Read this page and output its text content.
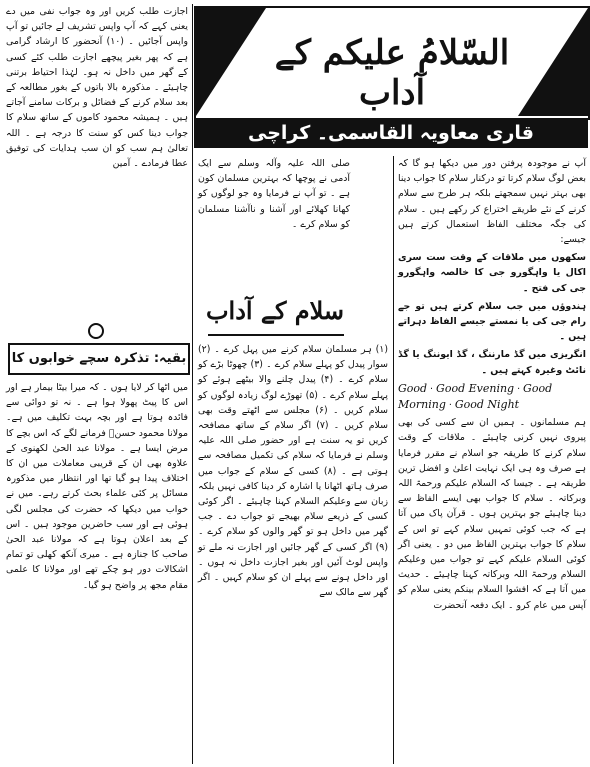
اجازت طلب کریں اور وہ جواب نفی میں دے یعنی کہے کہ آپ واپس تشریف لے جائیں تو آپ واپس آجائیں ۔ (۱۰) آنحضور کا ارشاد گرامی ہے کہ پھر بغیر پیچھے اجازت طلب کئے کسی کے گھر میں داخل نہ ہو۔ لہٰذا احتیاط برتنی چاہیئے ۔ مذکورہ بالا باتوں کے بغور مطالعہ کے بعد سلام کرنے کے فضائل و برکات سامنے آجاتے ہیں ۔ ہمیشہ محمود کاموں کے ساتھ سلام کا جواب دینا کس کو سنت کا درجہ ہے ۔ اللہ تعالیٰ ہم سب کو ان سب ہدایات کی توفیق عطا فرمادے ۔ آمین

بقیہ: تذکرہ سچے خوابوں کا

میں اٹھا کر لایا ہوں ۔ کہ میرا بیٹا بیمار ہے اور اس کا پیٹ پھولا ہوا ہے ۔ نہ تو دوائی سے فائدہ ہوتا ہے اور بچہ بہت تکلیف میں ہے۔ مولانا محمود حسنؒ فرمانے لگے کہ اس بچے کا مرض ایسا ہے ۔ مولانا عبد الحیٰ لکھنوی کے علاوہ بھی ان کے قریبی معاملات میں ان کا اختلاف پیدا ہو گیا تھا اور انتظار میں مذکورہ مسائل پر کئی علماء بحث کرتے رہے۔ میں نے خواب میں دیکھا کہ حضرت کی مجلس لگی ہوئی ہے اور سب حاضرین موجود ہیں ۔ اس کے بعد اعلان ہوتا ہے کہ مولانا عبد الحیٰ صاحب کا جنازہ ہے ۔ میری آنکھ کھلی تو تمام اشکالات دور ہو چکے تھے اور مولانا کا علمی مقام مجھ پر واضح ہو گیا۔

السّلامُ علیکم کے آداب
قاری معاویہ القاسمی۔ کراچی

صلی اللہ علیہ وآلہ وسلم سے ایک آدمی نے پوچھا کہ بہترین مسلمان کون ہے ۔ تو آپ نے فرمایا وہ جو لوگوں کو کھانا کھلائے اور آشنا و ناآشنا مسلمان کو سلام کرے ۔

سلام کے آداب

(۱) ہر مسلمان سلام کرنے میں پہل کرے ۔ (۲) سوار پیدل کو پہلے سلام کرے ۔ (۳) چھوٹا بڑے کو سلام کرے ۔ (۴) پیدل چلنے والا بیٹھے ہوئے کو پہلے سلام کرے ۔ (۵) تھوڑے لوگ زیادہ لوگوں کو سلام کریں ۔ (۶) مجلس سے اٹھتے وقت بھی سلام کریں ۔ (۷) اگر سلام کے ساتھ مصافحہ کریں تو یہ سنت ہے اور حضور صلی اللہ علیہ وسلم نے فرمایا کہ سلام کی تکمیل مصافحہ سے ہوتی ہے ۔ (۸) کسی کے سلام کے جواب میں صرف ہاتھ اٹھانا یا اشارہ کر دینا کافی نہیں بلکہ زبان سے وعلیکم السلام کہنا چاہیئے ۔ اگر کوئی کسی کے ذریعے سلام بھیجے تو جواب دے ۔ جب گھر میں داخل ہو تو گھر والوں کو سلام کرے ۔ (۹) اگر کسی کے گھر جائیں اور اجازت نہ ملے تو واپس لوٹ آئیں اور بغیر اجازت داخل نہ ہوں ۔ اور داخل ہونے سے پہلے ان کو سلام کہیں ۔ اگر گھر سے مالک سے

آپ نے موجودہ پرفتن دور میں دیکھا ہو گا کہ بعض لوگ سلام کرتا تو درکنار سلام کا جواب دینا بھی بہتر نہیں سمجھتے بلکہ ہر طرح سے سلام کرنے کے نئے طریقے اختراع کر رکھے ہیں ۔ سلام کی جگہ مختلف الفاظ استعمال کرتے ہیں جیسے:

سکھوں میں ملاقات کے وقت ست سری اکال یا واہگورو جی کا خالصہ واہگورو جی کی فتح ۔

ہندوؤں میں جب سلام کرتے ہیں تو جے رام جی کی یا نمستے جیسے الفاظ دہراتے ہیں ۔

انگریزی میں گڈ مارننگ ، گڈ ایوننگ یا گڈ نائٹ وغیرہ کہتے ہیں ۔

Good · Good Evening · Good Morning · Good Night

ہم مسلمانوں ۔ ہمیں ان سے کسی کی بھی پیروی نہیں کرنی چاہیئے ۔ ملاقات کے وقت سلام کرنے کا طریقہ جو اسلام نے مقرر فرمایا ہے صرف وہ ہی ایک نہایت اعلیٰ و افضل ترین طریقہ ہے ۔ جیسا کہ السلام علیکم ورحمۃ اللہ وبرکاتہ ۔ سلام کا جواب بھی ایسے الفاظ سے دینا چاہیئے جو بہترین ہوں ۔ قرآن پاک میں آتا ہے کہ جب کوئی تمہیں سلام کہے تو اس کے سلام کا جواب بہترین الفاظ میں دو ۔ یعنی اگر کوئی السلام علیکم کہے تو جواب میں وعلیکم السلام ورحمۃ اللہ وبرکاتہ کہنا چاہیئے ۔ حدیث میں آتا ہے کہ افشوا السلام بینکم یعنی سلام کو آپس میں عام کرو ۔ ایک دفعہ آنحضرت
